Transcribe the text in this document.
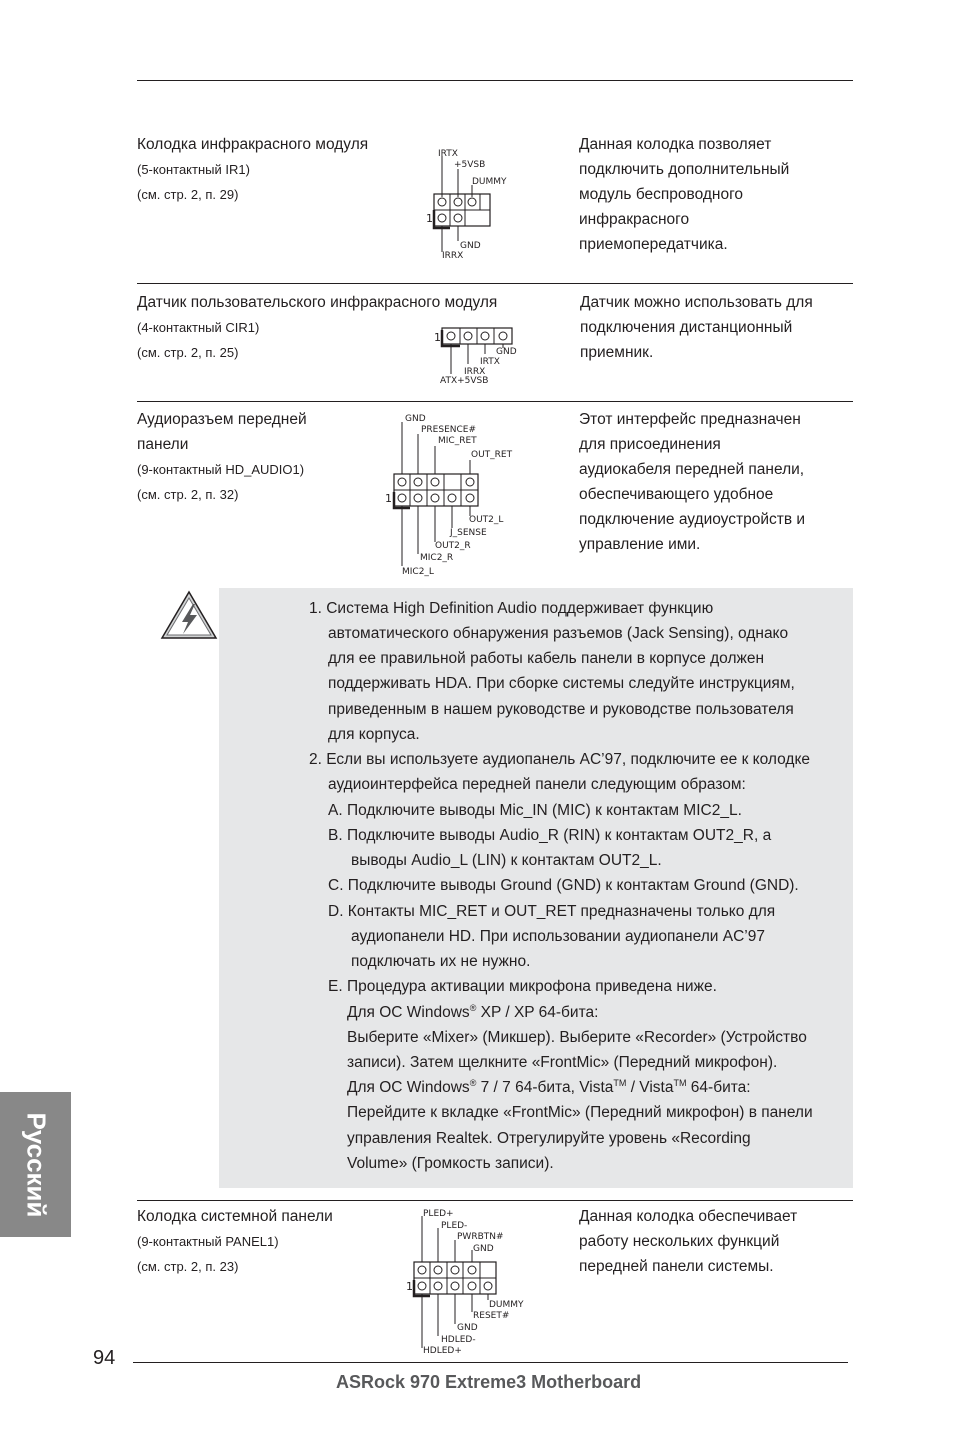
Колодка инфракрасного модуля
(5-контактный IR1)
(см. стр. 2, п. 29)
Данная колодка позволяет
подключить дополнительный
модуль беспроводного
инфракрасного
приемопередатчика.
IRTX
+5VSB
DUMMY
1
GND
IRRX
Датчик пользовательского инфракрасного модуля
(4-контактный CIR1)
(см. стр. 2, п. 25)
Датчик можно использовать для
подключения дистанционный
приемник.
1
GND
IRTX
IRRX
ATX+5VSB
Аудиоразъем передней
панели
(9-контактный HD_AUDIO1)
(см. стр. 2, п. 32)
Этот интерфейс предназначен
для присоединения
аудиокабеля передней панели,
обеспечивающего удобное
подключение аудиоустройств и
управление ими.
GND
PRESENCE#
MIC_RET
OUT_RET
1
OUT2_L
J_SENSE
OUT2_R
MIC2_R
MIC2_L
1. Система High Definition Audio поддерживает функцию
автоматического обнаружения разъемов (Jack Sensing), однако
для ее правильной работы кабель панели в корпусе должен
поддерживать HDA. При сборке системы следуйте инструкциям,
приведенным в нашем руководстве и руководстве пользователя
для корпуса.
2. Если вы используете аудиопанель AC’97, подключите ее к колодке
аудиоинтерфейса передней панели следующим образом:
A. Подключите выводы Mic_IN (MIC) к контактам MIC2_L.
B. Подключите выводы Audio_R (RIN) к контактам OUT2_R, а
выводы Audio_L (LIN) к контактам OUT2_L.
C. Подключите выводы Ground (GND) к контактам Ground (GND).
D. Контакты MIC_RET и OUT_RET предназначены только для
аудиопанели HD. При использовании аудиопанели AC’97
подключать их не нужно.
E. Процедура активации микрофона приведена ниже.
Для ОС Windows® XP / XP 64-бита:
Выберите «Mixer» (Микшер). Выберите «Recorder» (Устройство
записи). Затем щелкните «FrontMic» (Передний микрофон).
Для ОС Windows® 7 / 7 64-бита, Vista™ / Vista™ 64-бита:
Перейдите к вкладке «FrontMic» (Передний микрофон) в панели
управления Realtek. Отрегулируйте уровень «Recording
Volume» (Громкость записи).
Колодка системной панели
(9-контактный PANEL1)
(см. стр. 2, п. 23)
Данная колодка обеспечивает
работу нескольких функций
передней панели системы.
PLED+
PLED-
PWRBTN#
GND
1
DUMMY
RESET#
GND
HDLED-
HDLED+
Русский
94
ASRock 970 Extreme3 Motherboard
